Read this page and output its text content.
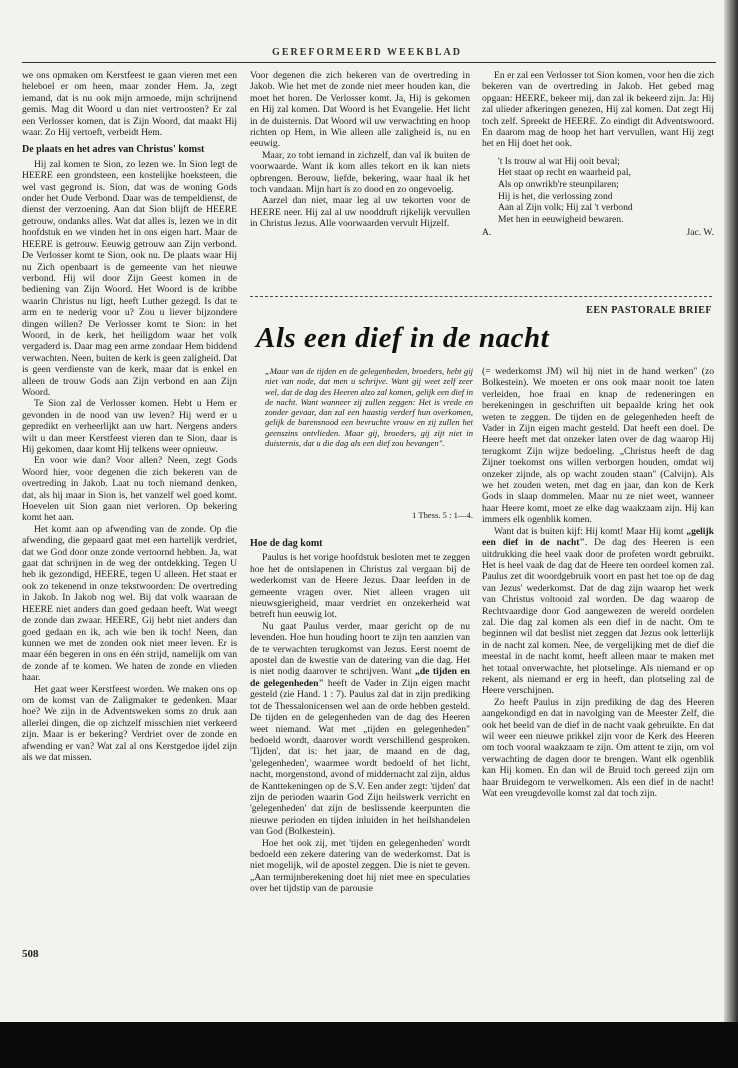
GEREFORMEERD WEEKBLAD

we ons opmaken om Kerstfeest te gaan vieren met een heleboel er om heen, maar zonder Hem. Ja, zegt iemand, dat is nu ook mijn armoede, mijn schrijnend gemis. Mag dit Woord u dan niet vertroosten? Er zal een Verlosser komen, dat is Zijn Woord, dat maakt Hij waar. Zo Hij vertoeft, verbeidt Hem.

De plaats en het adres van Christus' komst

Hij zal komen te Sion, zo lezen we. In Sion legt de HEERE een grondsteen, een kostelijke hoeksteen, die wel vast gegrond is. Sion, dat was de woning Gods onder het Oude Verbond. Daar was de tempeldienst, de dienst der verzoening. Aan dat Sion blijft de HEERE getrouw, ondanks alles. Wat dat alles is, lezen we in dit hoofdstuk en we vinden het in ons eigen hart. Maar de HEERE is getrouw. Eeuwig getrouw aan Zijn verbond. De Verlosser komt te Sion, ook nu. De plaats waar Hij nu Zich openbaart is de gemeente van het nieuwe verbond. Hij wil door Zijn Geest komen in de bediening van Zijn Woord. Het Woord is de kribbe waarin Christus nu ligt, heeft Luther gezegd. Is dat te arm en te nederig voor u? Zou u liever bijzondere dingen willen? De Verlosser komt te Sion: in het Woord, in de kerk, het heiligdom waar het volk vergaderd is. Daar mag een arme zondaar Hem biddend verwachten. Neen, buiten de kerk is geen zaligheid. Dat is geen verdienste van de kerk, maar dat is enkel en alleen de trouw Gods aan Zijn verbond en aan Zijn Woord.

Te Sion zal de Verlosser komen. Hebt u Hem er gevonden in de nood van uw leven? Hij werd er u gepredikt en verheerlijkt aan uw hart. Nergens anders wilt u dan meer Kerstfeest vieren dan te Sion, daar is Hij gekomen, daar komt Hij telkens weer opnieuw.

En voor wie dan? Voor allen? Neen, zegt Gods Woord hier, voor degenen die zich bekeren van de overtreding in Jakob. Laat nu toch niemand denken, dat, als hij maar in Sion is, het vanzelf wel goed komt. Hoevelen uit Sion gaan niet verloren. Op bekering komt het aan.

Het komt aan op afwending van de zonde. Op die afwending, die gepaard gaat met een hartelijk verdriet, dat we God door onze zonde vertoornd hebben. Ja, wat gaat dat schrijnen in de weg der ontdekking. Tegen U heb ik gezondigd, HEERE, tegen U alleen. Het staat er ook zo tekenend in onze tekstwoorden: De overtreding in Jakob. In Jakob nog wel. Bij dat volk waaraan de HEERE niet anders dan goed gedaan heeft. Wat weegt de zonde dan zwaar. HEERE, Gij hebt niet anders dan goed gedaan en ik, ach wie ben ik toch! Neen, dan kunnen we met de zonden ook niet meer leven. Er is maar één begeren in ons en één strijd, namelijk om van de zonde af te komen. We haten de zonde en vlieden haar.

Het gaat weer Kerstfeest worden. We maken ons op om de komst van de Zaligmaker te gedenken. Maar hoe? We zijn in de Adventsweken soms zo druk aan allerlei dingen, die op zichzelf misschien niet verkeerd zijn. Maar is er bekering? Verdriet over de zonde en afwending er van? Wat zal al ons Kerstgedoe ijdel zijn als we dat missen.

Voor degenen die zich bekeren van de overtreding in Jakob. Wie het met de zonde niet meer houden kan, die moet het horen. De Verlosser komt. Ja, Hij is gekomen en Hij zal komen. Dat Woord is het Evangelie. Het licht in de duisternis. Dat Woord wil uw verwachting en hoop richten op Hem, in Wie alleen alle zaligheid is, nu en eeuwig.

Maar, zo tobt iemand in zichzelf, dan val ik buiten de voorwaarde. Want ik kom alles tekort en ik kan niets opbrengen. Berouw, liefde, bekering, waar haal ik het toch vandaan. Mijn hart is zo dood en zo ongevoelig.

Aarzel dan niet, maar leg al uw tekorten voor de HEERE neer. Hij zal al uw nooddruft rijkelijk vervullen in Christus Jezus. Alle voorwaarden vervult Hijzelf.

En er zal een Verlosser tot Sion komen, voor hen die zich bekeren van de overtreding in Jakob. Het gebed mag opgaan: HEERE, bekeer mij, dan zal ik bekeerd zijn. Ja: Hij zal ulieder afkeringen genezen, Hij zal komen. Dat zegt Hij toch zelf. Spreekt de HEERE. Zo eindigt dit Adventswoord. En daarom mag de hoop het hart vervullen, want Hij zegt het en Hij doet het ook.

't Is trouw al wat Hij ooit beval;
Het staat op recht en waarheid pal,
Als op onwrikb're steunpilaren;
Hij is het, die verlossing zond
Aan al Zijn volk; Hij zal 't verbond
Met hen in eeuwigheid bewaren.
A.	Jac. W.
EEN PASTORALE BRIEF
Als een dief in de nacht
„Maar van de tijden en de gelegenheden, broeders, hebt gij niet van node, dat men u schrijve. Want gij weet zelf zeer wel, dat de dag des Heeren alzo zal komen, gelijk een dief in de nacht. Want wanneer zij zullen zeggen: Het is vrede en zonder gevaar, dan zal een haastig verderf hun overkomen, gelijk de barensnood een bevruchte vrouw en zij zullen het geenszins ontvlieden. Maar gij, broeders, gij zijt niet in duisternis, dat u die dag als een dief zou bevangen".
1 Thess. 5 : 1—4.
Hoe de dag komt

Paulus is het vorige hoofdstuk besloten met te zeggen hoe het de ontslapenen in Christus zal vergaan bij de wederkomst van de Heere Jezus. Daar leefden in de gemeente vragen over. Niet alleen vragen uit nieuwsgierigheid, maar verdriet en onzekerheid wat betreft hun eeuwig lot.

Nu gaat Paulus verder, maar gericht op de nu levenden. Hoe hun houding hoort te zijn ten aanzien van de te verwachten terugkomst van Jezus. Eerst noemt de apostel dan de kwestie van de datering van die dag. Het is niet nodig daarover te schrijven. Want „de tijden en de gelegenheden" heeft de Vader in Zijn eigen macht gesteld (zie Hand. 1 : 7). Paulus zal dat in zijn prediking tot de Thessalonicensen wel aan de orde hebben gesteld. De tijden en de gelegenheden van de dag des Heeren weet niemand. Wat met „tijden en gelegenheden" bedoeld wordt, daarover wordt verschillend gesproken. 'Tijden', dat is: het jaar, de maand en de dag, 'gelegenheden', waarmee wordt bedoeld of het licht, nacht, morgenstond, avond of middernacht zal zijn, aldus de Kanttekeningen op de S.V. Een ander zegt: 'tijden' dat zijn de perioden waarin God Zijn heilswerk verricht en 'gelegenheden' dat zijn de beslissende keerpunten die nieuwe perioden en tijden inluiden in het heilshandelen van God (Bolkestein).

Hoe het ook zij, met 'tijden en gelegenheden' wordt bedoeld een zekere datering van de wederkomst. Dat is niet mogelijk, wil de apostel zeggen. Die is niet te geven. „Aan termijnberekening doet hij niet mee en speculaties over het tijdstip van de parousie

(= wederkomst JM) wil hij niet in de hand werken" (zo Bolkestein). We moeten er ons ook maar nooit toe laten verleiden, hoe fraai en knap de redeneringen en berekeningen in geschriften uit bepaalde kring het ook weten te zeggen. De tijden en de gelegenheden heeft de Vader in Zijn eigen macht gesteld. Dat heeft een doel. De Heere heeft met dat onzeker laten over de dag waarop Hij terugkomt Zijn wijze bedoeling. „Christus heeft de dag Zijner toekomst ons willen verborgen houden, omdat wij onzeker zijnde, als op wacht zouden staan" (Calvijn). Als we het zouden weten, met dag en jaar, dan kon de Kerk Gods in slaap dommelen. Maar nu ze niet weet, wanneer haar Heere komt, moet ze elke dag waakzaam zijn. Hij kan immers elk ogenblik komen.

Want dat is buiten kijf: Hij komt! Maar Hij komt „gelijk een dief in de nacht". De dag des Heeren is een uitdrukking die heel vaak door de profeten wordt gebruikt. Het is heel vaak de dag dat de Heere ten oordeel komen zal. Paulus zet dit woordgebruik voort en past het toe op de dag van Jezus' wederkomst. Dat de dag zijn waarop het werk van Christus voltooid zal worden. De dag waarop de Rechtvaardige door God aangewezen de wereld oordelen zal. Die dag zal komen als een dief in de nacht. Om te beginnen wil dat beslist niet zeggen dat Jezus ook letterlijk in de nacht zal komen. Nee, de vergelijking met de dief die meestal in de nacht komt, heeft alleen maar te maken met het totaal onverwachte, het plotselinge. Als niemand er op rekent, als niemand er erg in heeft, dan plotseling zal de Heere verschijnen.

Zo heeft Paulus in zijn prediking de dag des Heeren aangekondigd en dat in navolging van de Meester Zelf, die ook het beeld van de dief in de nacht vaak gebruikte. En dat wil weer een nieuwe prikkel zijn voor de Kerk des Heeren om toch vooral waakzaam te zijn. Om attent te zijn, om vol verwachting de dagen door te brengen. Want elk ogenblik kan Hij komen. En dan wil de Bruid toch gereed zijn om haar Bruidegom te verwelkomen. Als een dief in de nacht! Wat een vreugdevolle komst zal dat toch zijn.

508
